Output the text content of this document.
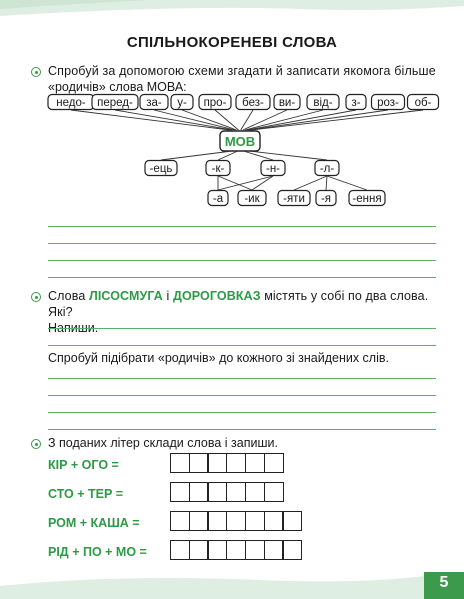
СПІЛЬНОКОРЕНЕВІ СЛОВА
Спробуй за допомогою схеми згадати й записати якомога більше
«родичів» слова МОВА:
недо- перед- за- у- про- без- ви- від- з- роз- об-
МОВ
-ець	-к-	-н-	-л-
-а -ик -яти -я -ення
Слова ЛІСОСМУГА і ДОРОГОВКАЗ містять у собі по два слова. Які?
Напиши.
Спробуй підібрати «родичів» до кожного зі знайдених слів.
З поданих літер склади слова і запиши.
КІР + ОГО =
СТО + ТЕР =
РОМ + КАША =
РІД + ПО + МО =
5
